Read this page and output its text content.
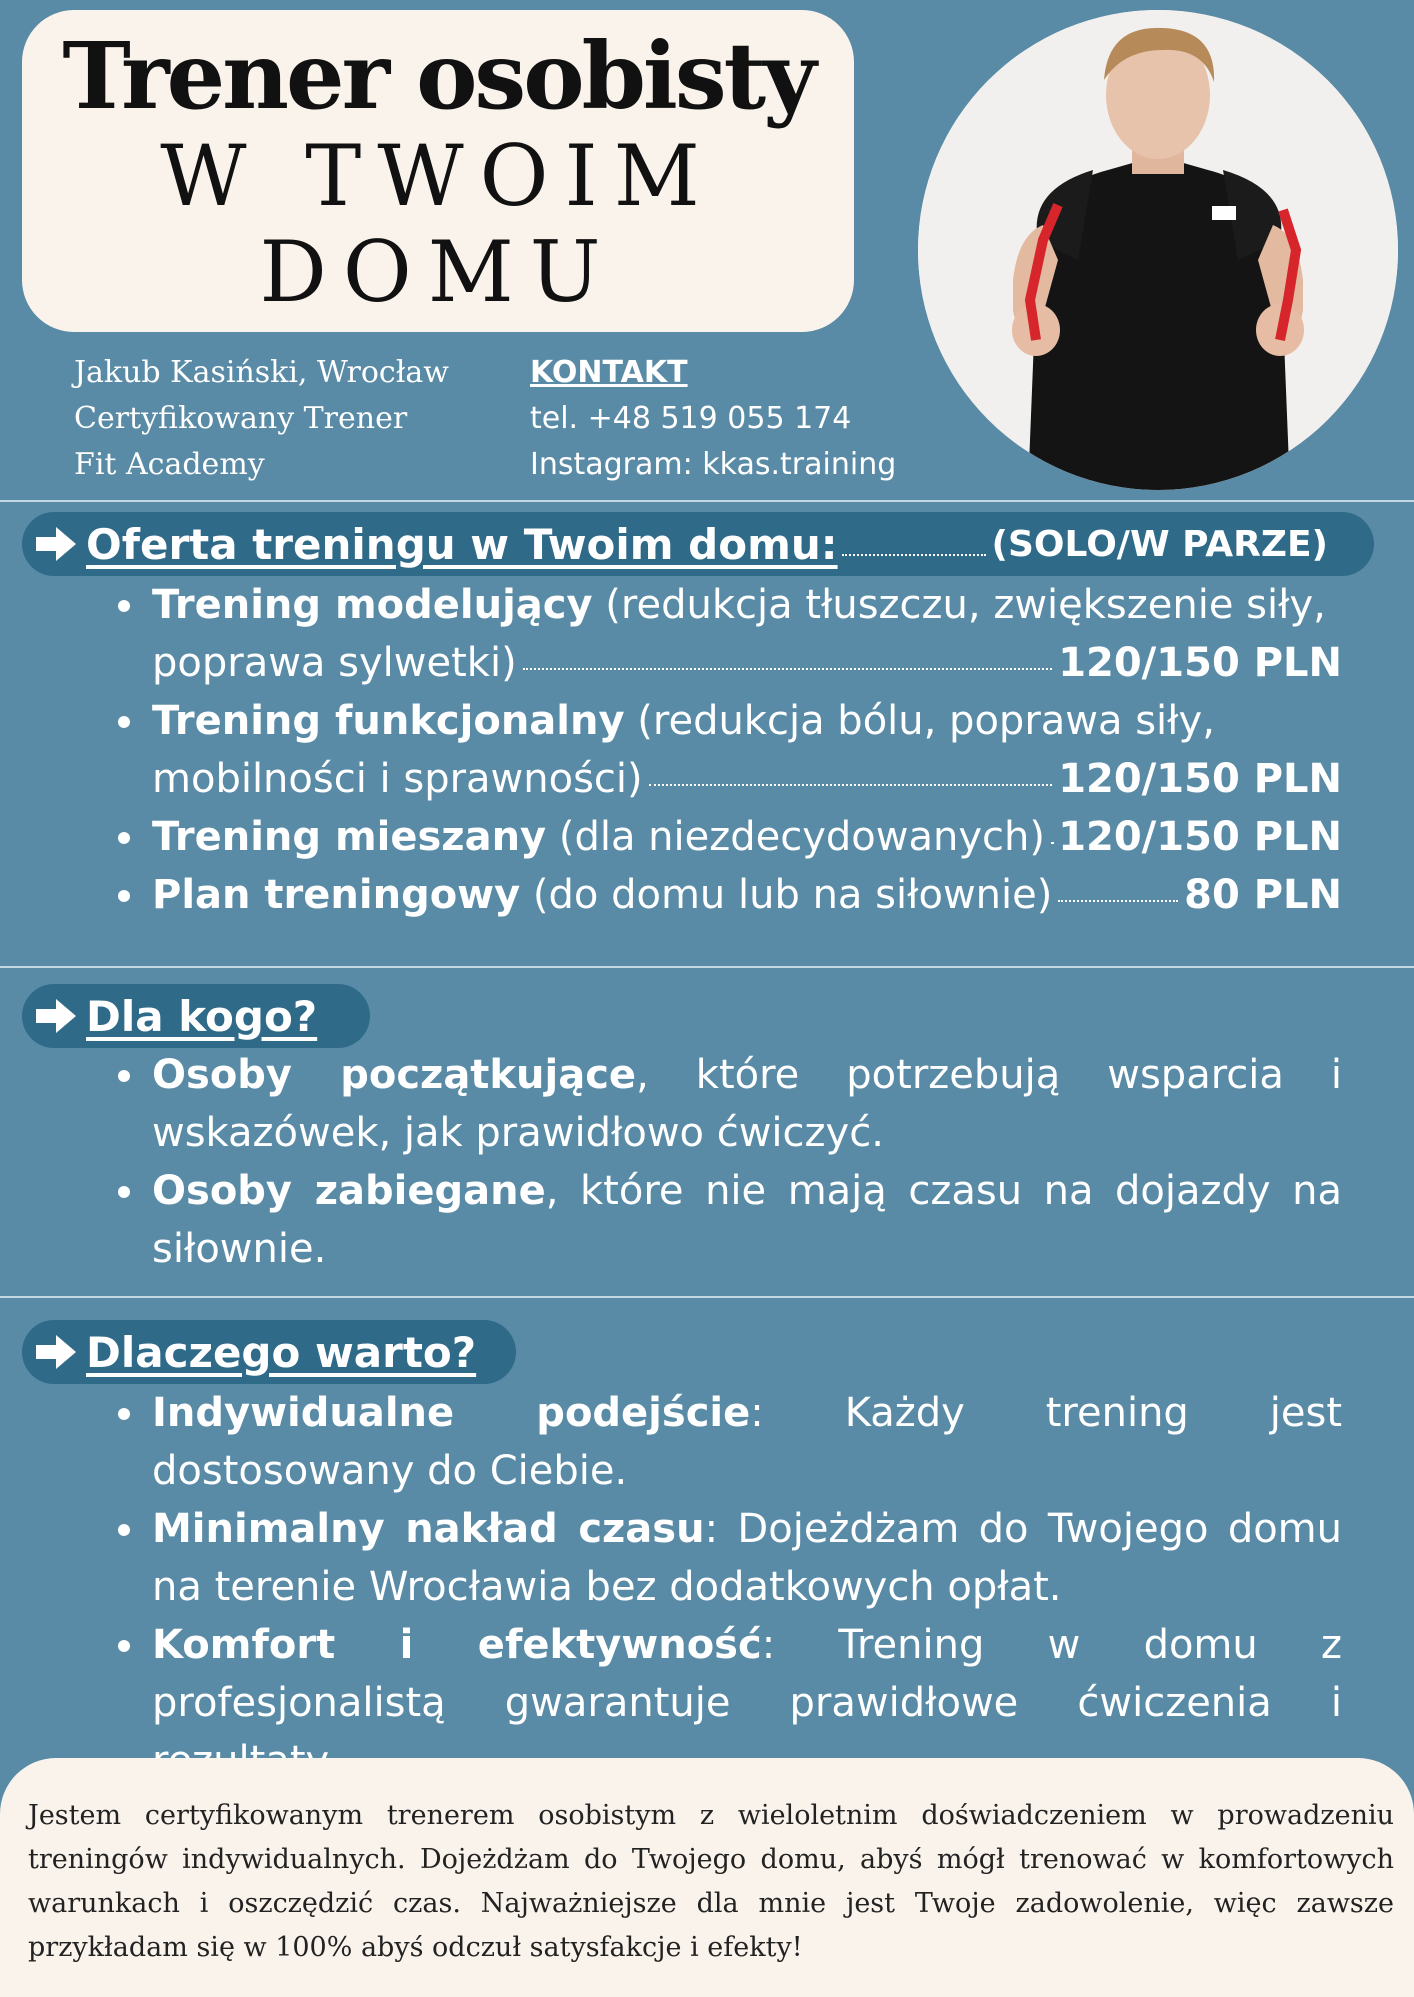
Trener osobisty
W TWOIM
DOMU
Jakub Kasiński, Wrocław
Certyfikowany Trener
Fit Academy
KONTAKT
tel. +48 519 055 174
Instagram: kkas.training
Oferta treningu w Twoim domu:	(SOLO/W PARZE)
Trening modelujący (redukcja tłuszczu, zwiększenie siły,
poprawa sylwetki)	120/150 PLN
Trening funkcjonalny (redukcja bólu, poprawa siły,
mobilności i sprawności)	120/150 PLN
Trening mieszany
(dla niezdecydowanych) 120/150 PLN
Plan treningowy
(do domu lub na siłownie)	80 PLN
Dla kogo?
Osoby początkujące, które potrzebują wsparcia i wskazówek, jak prawidłowo ćwiczyć.
Osoby zabiegane, które nie mają czasu na dojazdy na siłownie.
Dlaczego warto?
Indywidualne podejście: Każdy trening jest dostosowany do Ciebie.
Minimalny nakład czasu: Dojeżdżam do Twojego domu na terenie Wrocławia bez dodatkowych opłat.
Komfort i efektywność: Trening w domu z profesjonalistą gwarantuje prawidłowe ćwiczenia i

Jestem certyfikowanym trenerem osobistym z wieloletnim doświadczeniem w prowadzeniu treningów indywidualnych. Dojeżdżam do Twojego domu, abyś mógł trenować w komfortowych warunkach i oszczędzić czas. Najważniejsze dla mnie jest Twoje zadowolenie, więc zawsze przykładam się w 100% abyś odczuł satysfakcje i efekty!
